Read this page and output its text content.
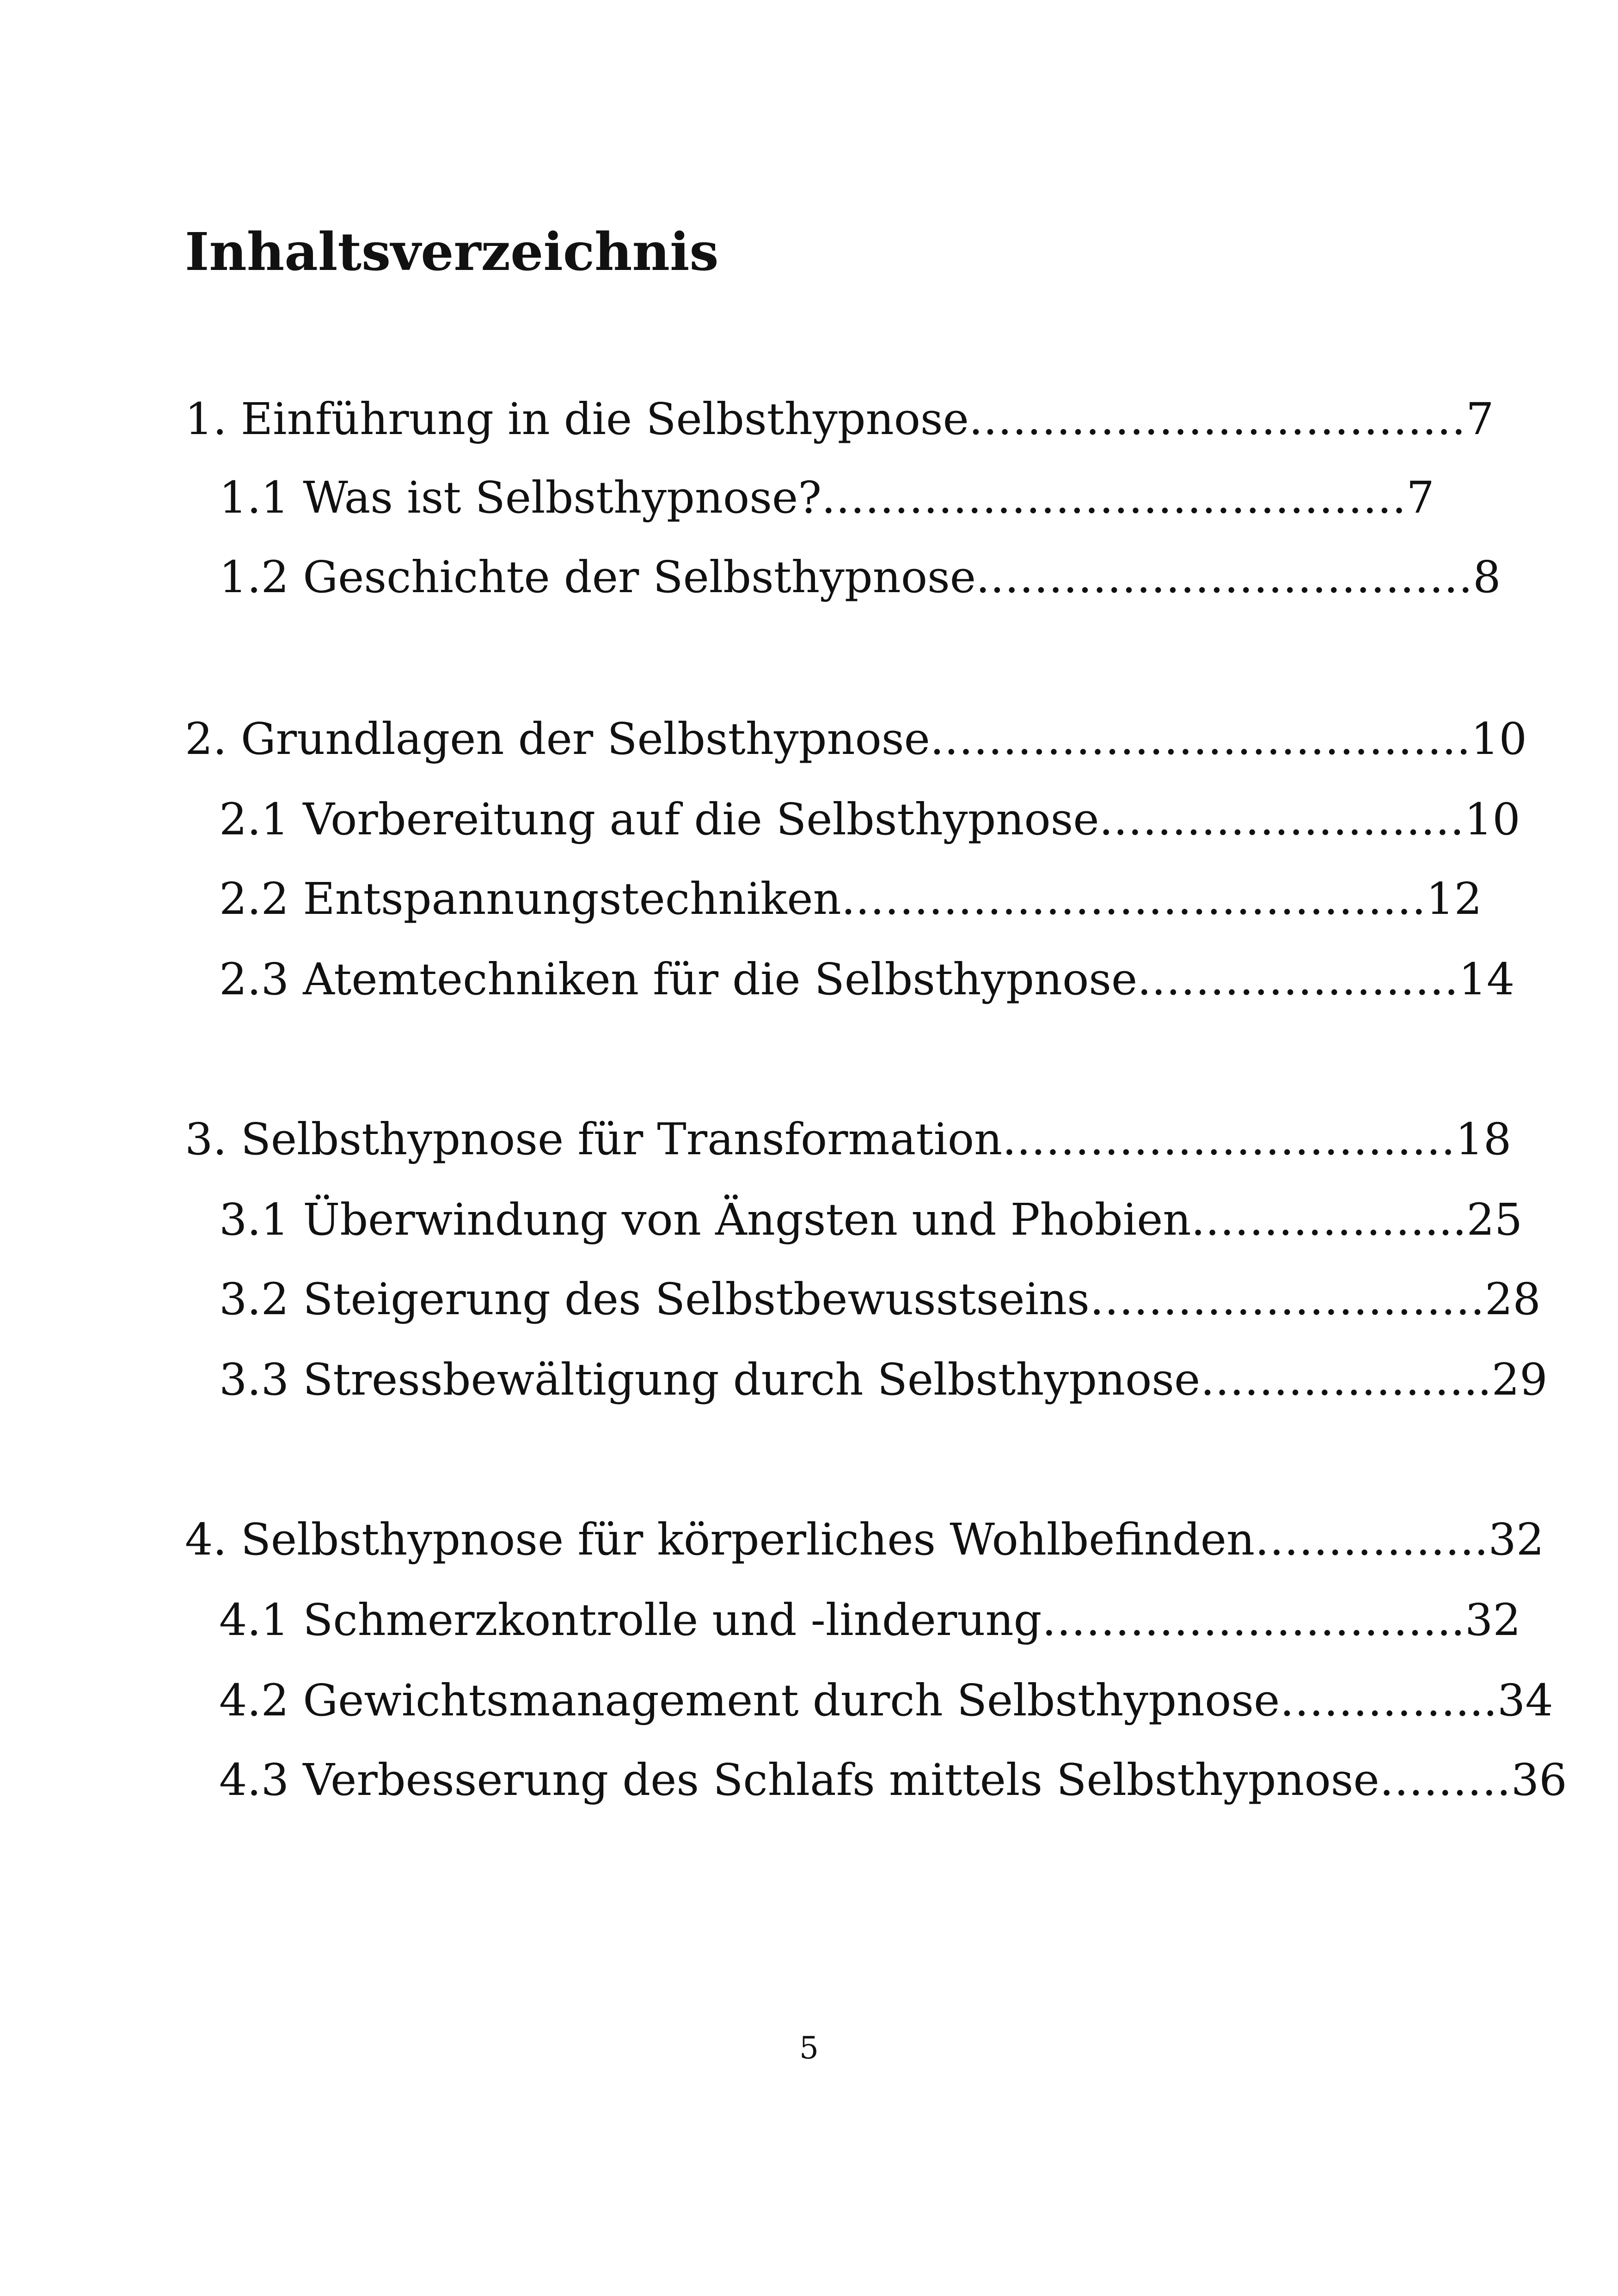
Inhaltsverzeichnis
1. Einführung in die Selbsthypnose.……………………………7
1.1 Was ist Selbsthypnose?.…………………………………7
1.2 Geschichte der Selbsthypnose.……………………………8
2. Grundlagen der Selbsthypnose.………………………………10
2.1 Vorbereitung auf die Selbsthypnose.……………………10
2.2 Entspannungstechniken.…………………………………12
2.3 Atemtechniken für die Selbsthypnose.…………………14
3. Selbsthypnose für Transformation.…………………………18
3.1 Überwindung von Ängsten und Phobien.……………...25
3.2 Steigerung des Selbstbewusstseins………………………28
3.3 Stressbewältigung durch Selbsthypnose………………..29
4. Selbsthypnose für körperliches Wohlbefinden…………….32
4.1 Schmerzkontrolle und -linderung………………………..32
4.2 Gewichtsmanagement durch Selbsthypnose…………...34
4.3 Verbesserung des Schlafs mittels Selbsthypnose………36
5
